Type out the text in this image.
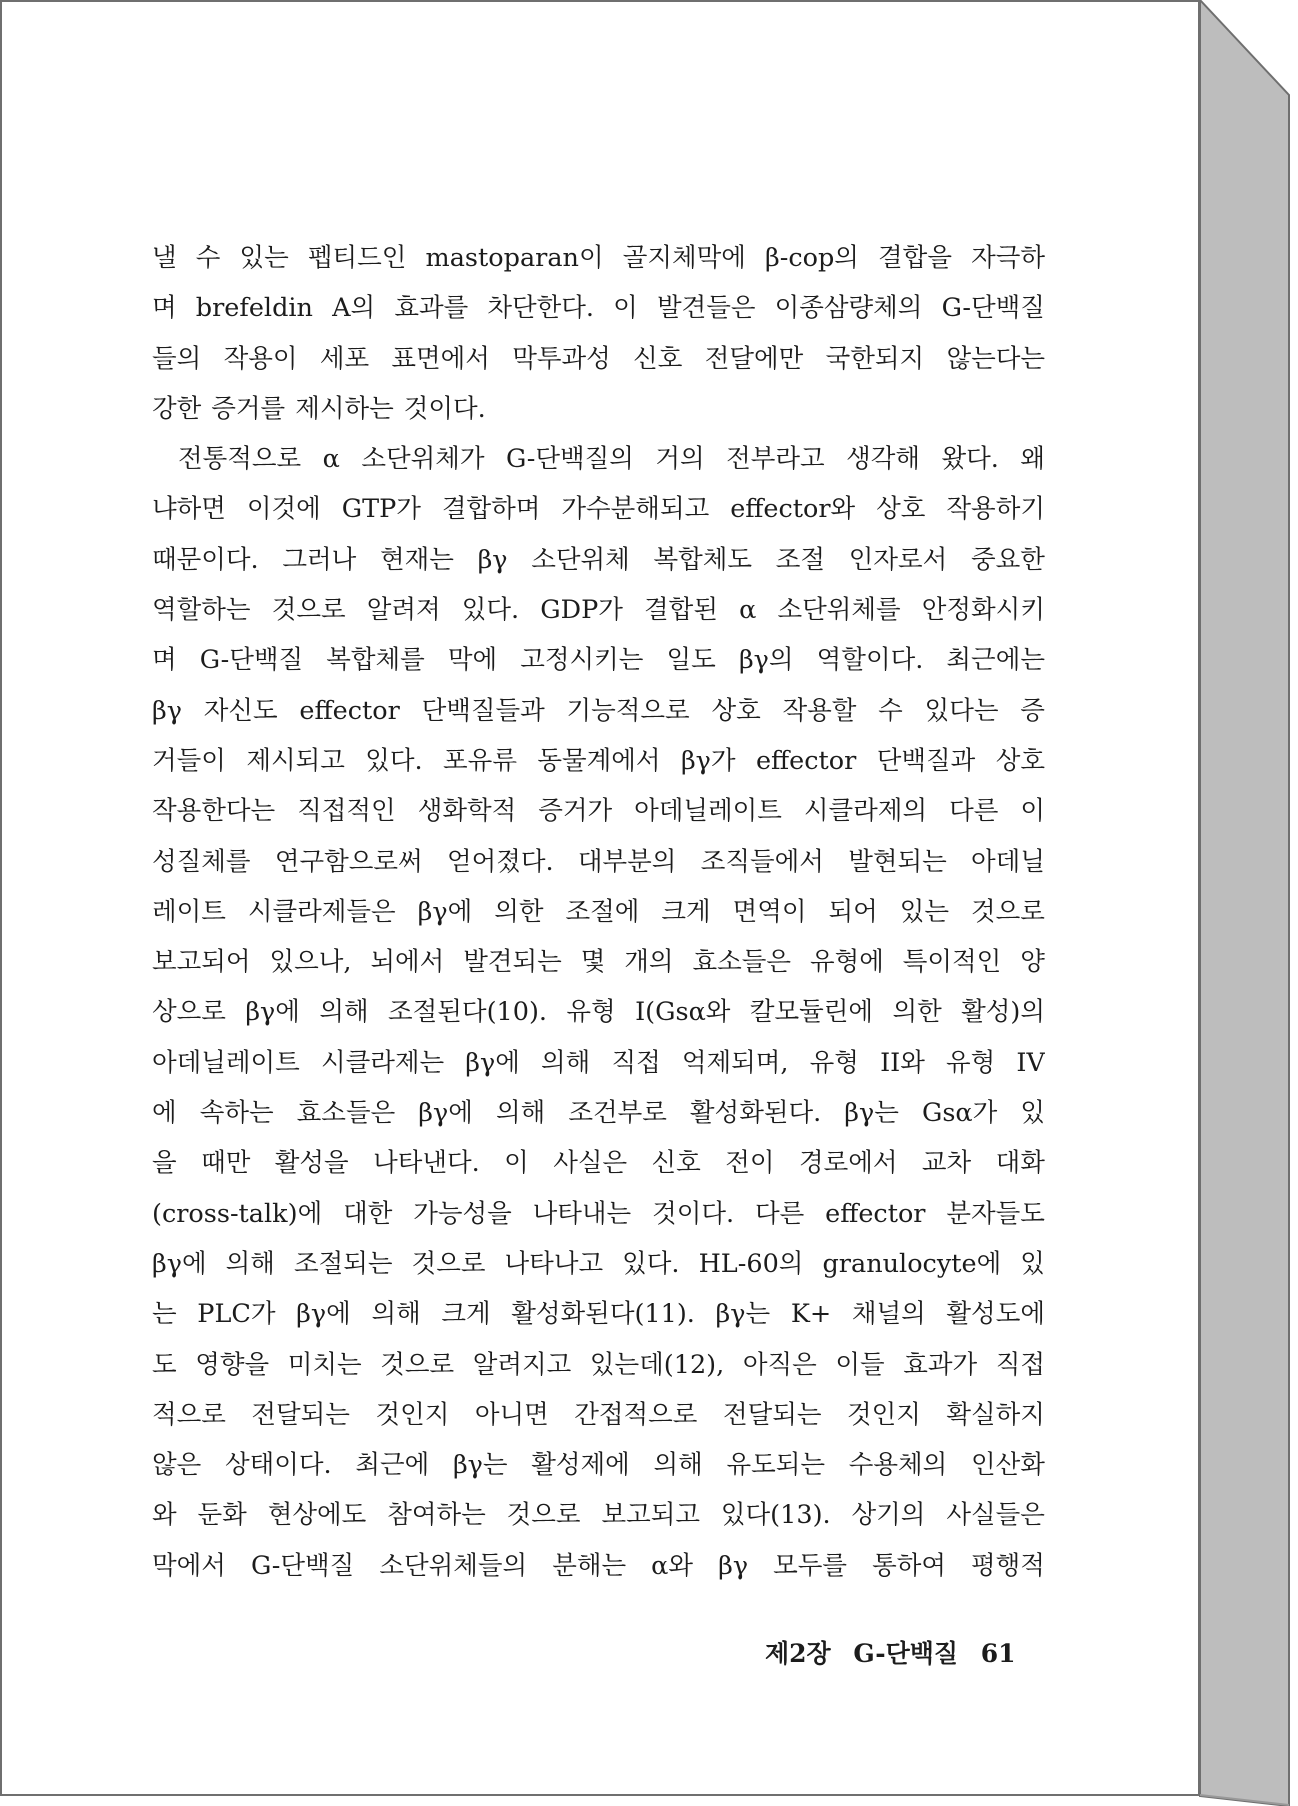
낼 수 있는 펩티드인 mastoparan이 골지체막에 β-cop의 결합을 자극하
며 brefeldin A의 효과를 차단한다. 이 발견들은 이종삼량체의 G-단백질
들의 작용이 세포 표면에서 막투과성 신호 전달에만 국한되지 않는다는
강한 증거를 제시하는 것이다.
전통적으로 α 소단위체가 G-단백질의 거의 전부라고 생각해 왔다. 왜
냐하면 이것에 GTP가 결합하며 가수분해되고 effector와 상호 작용하기
때문이다. 그러나 현재는 βγ 소단위체 복합체도 조절 인자로서 중요한
역할하는 것으로 알려져 있다. GDP가 결합된 α 소단위체를 안정화시키
며 G-단백질 복합체를 막에 고정시키는 일도 βγ의 역할이다. 최근에는
βγ 자신도 effector 단백질들과 기능적으로 상호 작용할 수 있다는 증
거들이 제시되고 있다. 포유류 동물계에서 βγ가 effector 단백질과 상호
작용한다는 직접적인 생화학적 증거가 아데닐레이트 시클라제의 다른 이
성질체를 연구함으로써 얻어졌다. 대부분의 조직들에서 발현되는 아데닐
레이트 시클라제들은 βγ에 의한 조절에 크게 면역이 되어 있는 것으로
보고되어 있으나, 뇌에서 발견되는 몇 개의 효소들은 유형에 특이적인 양
상으로 βγ에 의해 조절된다(10). 유형 I(Gsα와 칼모듈린에 의한 활성)의
아데닐레이트 시클라제는 βγ에 의해 직접 억제되며, 유형 II와 유형 IV
에 속하는 효소들은 βγ에 의해 조건부로 활성화된다. βγ는 Gsα가 있
을 때만 활성을 나타낸다. 이 사실은 신호 전이 경로에서 교차 대화
(cross-talk)에 대한 가능성을 나타내는 것이다. 다른 effector 분자들도
βγ에 의해 조절되는 것으로 나타나고 있다. HL-60의 granulocyte에 있
는 PLC가 βγ에 의해 크게 활성화된다(11). βγ는 K+ 채널의 활성도에
도 영향을 미치는 것으로 알려지고 있는데(12), 아직은 이들 효과가 직접
적으로 전달되는 것인지 아니면 간접적으로 전달되는 것인지 확실하지
않은 상태이다. 최근에 βγ는 활성제에 의해 유도되는 수용체의 인산화
와 둔화 현상에도 참여하는 것으로 보고되고 있다(13). 상기의 사실들은
막에서 G-단백질 소단위체들의 분해는 α와 βγ 모두를 통하여 평행적
제2장 G-단백질 61
